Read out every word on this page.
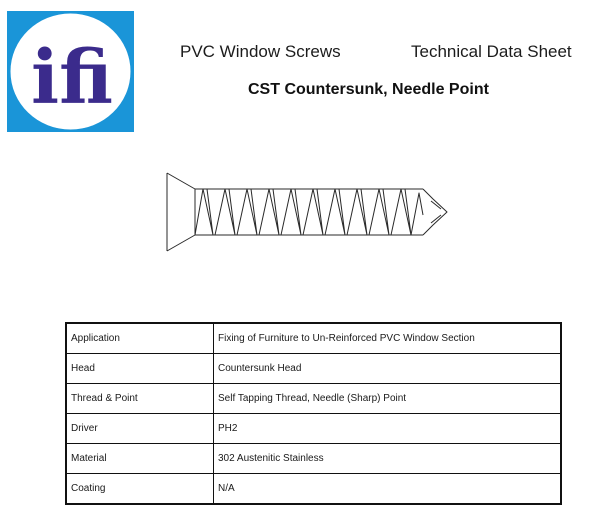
ifi	PVC Window Screws	Technical Data Sheet
CST Countersunk, Needle Point
Application	Fixing of Furniture to Un-Reinforced PVC Window Section
Head	Countersunk Head
Thread & Point	Self Tapping Thread, Needle (Sharp) Point
Driver	PH2
Material	302 Austenitic Stainless
Coating	N/A
